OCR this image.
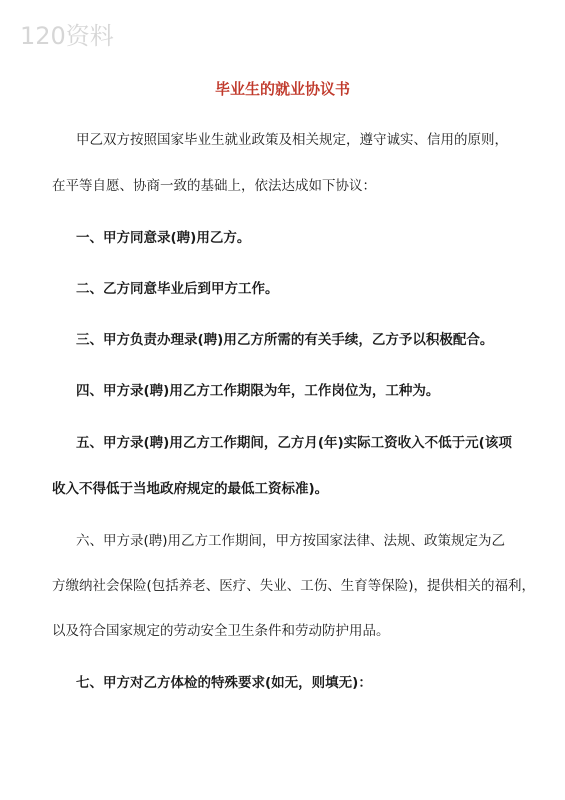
120资料
毕业生的就业协议书
甲乙双方按照国家毕业生就业政策及相关规定，遵守诚实、信用的原则，
在平等自愿、协商一致的基础上，依法达成如下协议：
一、甲方同意录(聘)用乙方。
二、乙方同意毕业后到甲方工作。
三、甲方负责办理录(聘)用乙方所需的有关手续，乙方予以积极配合。
四、甲方录(聘)用乙方工作期限为年，工作岗位为，工种为。
五、甲方录(聘)用乙方工作期间，乙方月(年)实际工资收入不低于元(该项
收入不得低于当地政府规定的最低工资标准)。
六、甲方录(聘)用乙方工作期间，甲方按国家法律、法规、政策规定为乙
方缴纳社会保险(包括养老、医疗、失业、工伤、生育等保险)，提供相关的福利，
以及符合国家规定的劳动安全卫生条件和劳动防护用品。
七、甲方对乙方体检的特殊要求(如无，则填无)：
